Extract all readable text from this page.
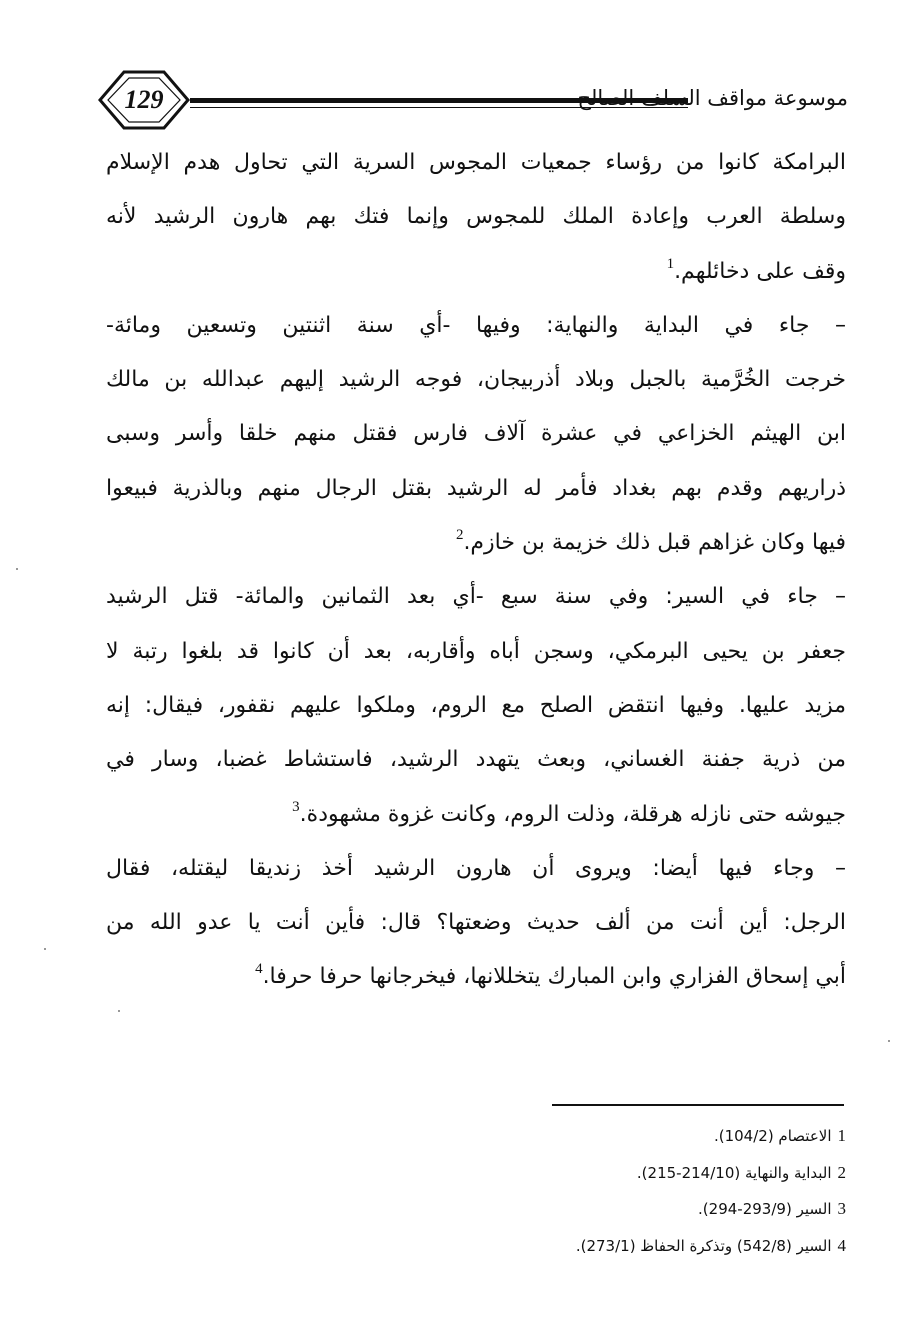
129	موسوعة مواقف السلف الصالح
البرامكة كانوا من رؤساء جمعيات المجوس السرية التي تحاول هدم الإسلام
وسلطة العرب وإعادة الملك للمجوس وإنما فتك بهم هارون الرشيد لأنه
وقف على دخائلهم.$^1$
– جاء في البداية والنهاية: وفيها -أي سنة اثنتين وتسعين ومائة-
خرجت الخُرَّمية بالجبل وبلاد أذربيجان، فوجه الرشيد إليهم عبدالله بن مالك
ابن الهيثم الخزاعي في عشرة آلاف فارس فقتل منهم خلقا وأسر وسبى
ذراريهم وقدم بهم بغداد فأمر له الرشيد بقتل الرجال منهم وبالذرية فبيعوا
فيها وكان غزاهم قبل ذلك خزيمة بن خازم.$^2$
– جاء في السير: وفي سنة سبع -أي بعد الثمانين والمائة- قتل الرشيد
جعفر بن يحيى البرمكي، وسجن أباه وأقاربه، بعد أن كانوا قد بلغوا رتبة لا
مزيد عليها. وفيها انتقض الصلح مع الروم، وملكوا عليهم نقفور، فيقال: إنه
من ذرية جفنة الغساني، وبعث يتهدد الرشيد، فاستشاط غضبا، وسار في
جيوشه حتى نازله هرقلة، وذلت الروم، وكانت غزوة مشهودة.$^3$
– وجاء فيها أيضا: ويروى أن هارون الرشيد أخذ زنديقا ليقتله، فقال
الرجل: أين أنت من ألف حديث وضعتها؟ قال: فأين أنت يا عدو الله من
أبي إسحاق الفزاري وابن المبارك يتخللانها، فيخرجانها حرفا حرفا.$^4$
1الاعتصام (104/2).
2البداية والنهاية (214/10-215).
3السير (293/9-294).
4السير (542/8) وتذكرة الحفاظ (273/1).
